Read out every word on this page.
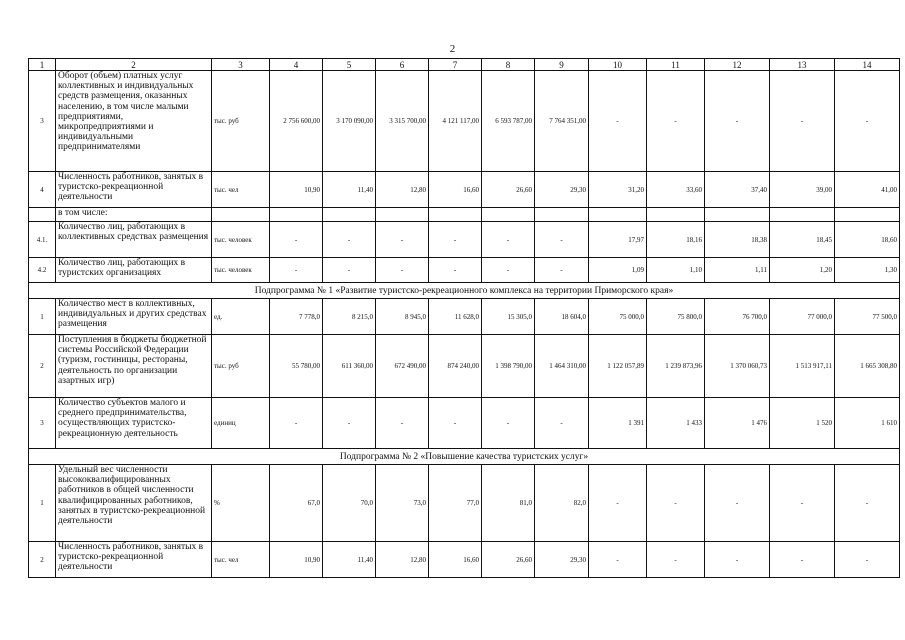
2
1	2	3	4	5	6	7	8	9	10	11	12	13	14
3	Оборот (объем) платных услуг коллективных и индивидуальных средств размещения, оказанных населению, в том числе малыми предприятиями, микропредприятиями и индивидуальными предпринимателями	тыс. руб	2 756 600,00	3 170 090,00	3 315 700,00	4 121 117,00	6 593 787,00	7 764 351,00	-	-	-	-	-
4	Численность работников, занятых в туристско-рекреационной деятельности	тыс. чел	10,90	11,40	12,80	16,60	26,60	29,30	31,20	33,60	37,40	39,00	41,00
	в том числе:												
4.1.	Количество лиц, работающих в коллективных средствах размещения	тыс. человек	-	-	-	-	-	-	17,97	18,16	18,38	18,45	18,60
4.2	Количество лиц, работающих в туристских организациях	тыс. человек	-	-	-	-	-	-	1,09	1,10	1,11	1,20	1,30
Подпрограмма № 1 «Развитие туристско-рекреационного комплекса на территории Приморского края»													
1	Количество мест в коллективных, индивидуальных и других средствах размещения	ед.	7 778,0	8 215,0	8 945,0	11 628,0	15 305,0	18 604,0	75 000,0	75 800,0	76 700,0	77 000,0	77 500,0
2	Поступления в бюджеты бюджетной системы Российской Федерации (туризм, гостиницы, рестораны, деятельность по организации азартных игр)	тыс. руб	55 780,00	611 360,00	672 490,00	874 240,00	1 398 790,00	1 464 310,00	1 122 057,89	1 239 873,96	1 370 060,73	1 513 917,11	1 665 308,80
3	Количество субъектов малого и среднего предпринимательства, осуществляющих туристско-рекреационную деятельность	единиц	-	-	-	-	-	-	1 391	1 433	1 476	1 520	1 610
Подпрограмма № 2 «Повышение качества туристских услуг»													
1	Удельный вес численности высококвалифицированных работников в общей численности квалифицированных работников, занятых в туристско-рекреационной деятельности	%	67,0	70,0	73,0	77,0	81,0	82,0	-	-	-	-	-
2	Численность работников, занятых в туристско-рекреационной деятельности	тыс. чел	10,90	11,40	12,80	16,60	26,60	29,30	-	-	-	-	-
